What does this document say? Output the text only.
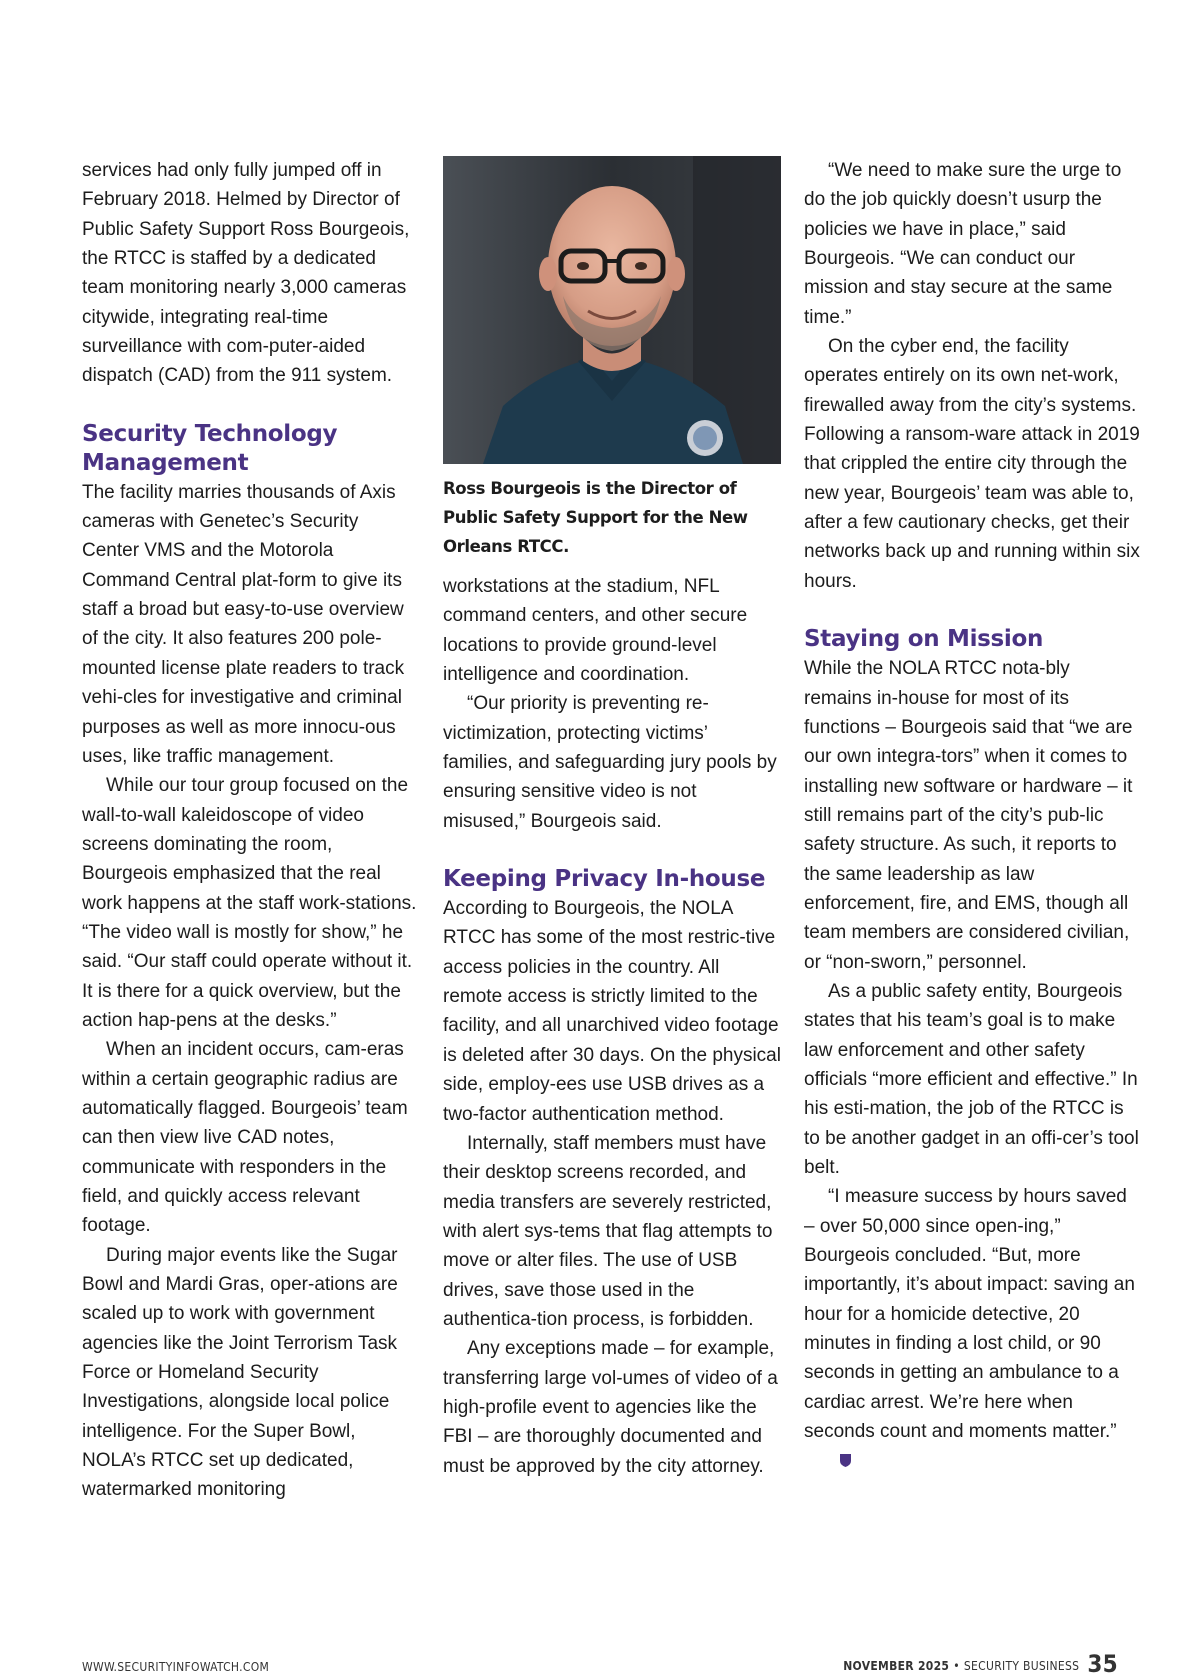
services had only fully jumped off in February 2018. Helmed by Director of Public Safety Support Ross Bourgeois, the RTCC is staffed by a dedicated team monitoring nearly 3,000 cameras citywide, integrating real-time surveillance with com-puter-aided dispatch (CAD) from the 911 system.

Security Technology Management

The facility marries thousands of Axis cameras with Genetec’s Security Center VMS and the Motorola Command Central plat-form to give its staff a broad but easy-to-use overview of the city. It also features 200 pole-mounted license plate readers to track vehi-cles for investigative and criminal purposes as well as more innocu-ous uses, like traffic management.

While our tour group focused on the wall-to-wall kaleidoscope of video screens dominating the room, Bourgeois emphasized that the real work happens at the staff work-stations. “The video wall is mostly for show,” he said. “Our staff could operate without it. It is there for a quick overview, but the action hap-pens at the desks.”

When an incident occurs, cam-eras within a certain geographic radius are automatically flagged. Bourgeois’ team can then view live CAD notes, communicate with responders in the field, and quickly access relevant footage.

During major events like the Sugar Bowl and Mardi Gras, oper-ations are scaled up to work with government agencies like the Joint Terrorism Task Force or Homeland Security Investigations, alongside local police intelligence. For the Super Bowl, NOLA’s RTCC set up dedicated, watermarked monitoring

Ross Bourgeois is the Director of Public Safety Support for the New Orleans RTCC.

workstations at the stadium, NFL command centers, and other secure locations to provide ground-level intelligence and coordination.

“Our priority is preventing re-victimization, protecting victims’ families, and safeguarding jury pools by ensuring sensitive video is not misused,” Bourgeois said.

Keeping Privacy In-house

According to Bourgeois, the NOLA RTCC has some of the most restric-tive access policies in the country. All remote access is strictly limited to the facility, and all unarchived video footage is deleted after 30 days. On the physical side, employ-ees use USB drives as a two-factor authentication method.

Internally, staff members must have their desktop screens recorded, and media transfers are severely restricted, with alert sys-tems that flag attempts to move or alter files. The use of USB drives, save those used in the authentica-tion process, is forbidden.

Any exceptions made – for example, transferring large vol-umes of video of a high-profile event to agencies like the FBI – are thoroughly documented and must be approved by the city attorney.

“We need to make sure the urge to do the job quickly doesn’t usurp the policies we have in place,” said Bourgeois. “We can conduct our mission and stay secure at the same time.”

On the cyber end, the facility operates entirely on its own net-work, firewalled away from the city’s systems. Following a ransom-ware attack in 2019 that crippled the entire city through the new year, Bourgeois’ team was able to, after a few cautionary checks, get their networks back up and running within six hours.

Staying on Mission

While the NOLA RTCC nota-bly remains in-house for most of its functions – Bourgeois said that “we are our own integra-tors” when it comes to installing new software or hardware – it still remains part of the city’s pub-lic safety structure. As such, it reports to the same leadership as law enforcement, fire, and EMS, though all team members are considered civilian, or “non-sworn,” personnel.

As a public safety entity, Bourgeois states that his team’s goal is to make law enforcement and other safety officials “more efficient and effective.” In his esti-mation, the job of the RTCC is to be another gadget in an offi-cer’s tool belt.

“I measure success by hours saved – over 50,000 since open-ing,” Bourgeois concluded. “But, more importantly, it’s about impact: saving an hour for a homicide detective, 20 minutes in finding a lost child, or 90 seconds in getting an ambulance to a cardiac arrest. We’re here when seconds count and moments matter.”

WWW.SECURITYINFOWATCH.COM	NOVEMBER 2025 • SECURITY BUSINESS 35
